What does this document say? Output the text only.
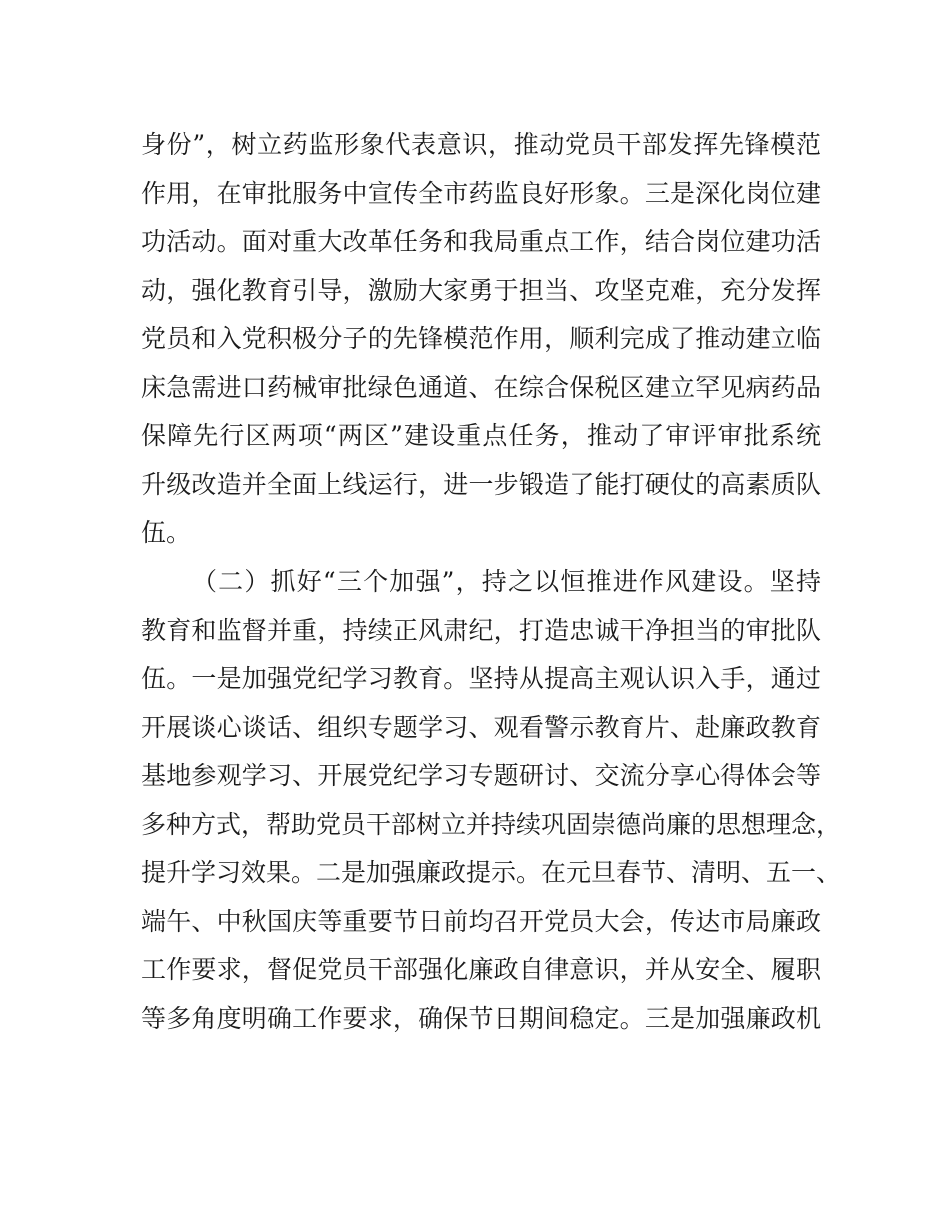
身份”，树立药监形象代表意识，推动党员干部发挥先锋模范
作用，在审批服务中宣传全市药监良好形象。三是深化岗位建
功活动。面对重大改革任务和我局重点工作，结合岗位建功活
动，强化教育引导，激励大家勇于担当、攻坚克难，充分发挥
党员和入党积极分子的先锋模范作用，顺利完成了推动建立临
床急需进口药械审批绿色通道、在综合保税区建立罕见病药品
保障先行区两项“两区”建设重点任务，推动了审评审批系统
升级改造并全面上线运行，进一步锻造了能打硬仗的高素质队
伍。
（二）抓好“三个加强”，持之以恒推进作风建设。坚持
教育和监督并重，持续正风肃纪，打造忠诚干净担当的审批队
伍。一是加强党纪学习教育。坚持从提高主观认识入手，通过
开展谈心谈话、组织专题学习、观看警示教育片、赴廉政教育
基地参观学习、开展党纪学习专题研讨、交流分享心得体会等
多种方式，帮助党员干部树立并持续巩固崇德尚廉的思想理念，
提升学习效果。二是加强廉政提示。在元旦春节、清明、五一、
端午、中秋国庆等重要节日前均召开党员大会，传达市局廉政
工作要求，督促党员干部强化廉政自律意识，并从安全、履职
等多角度明确工作要求，确保节日期间稳定。三是加强廉政机
